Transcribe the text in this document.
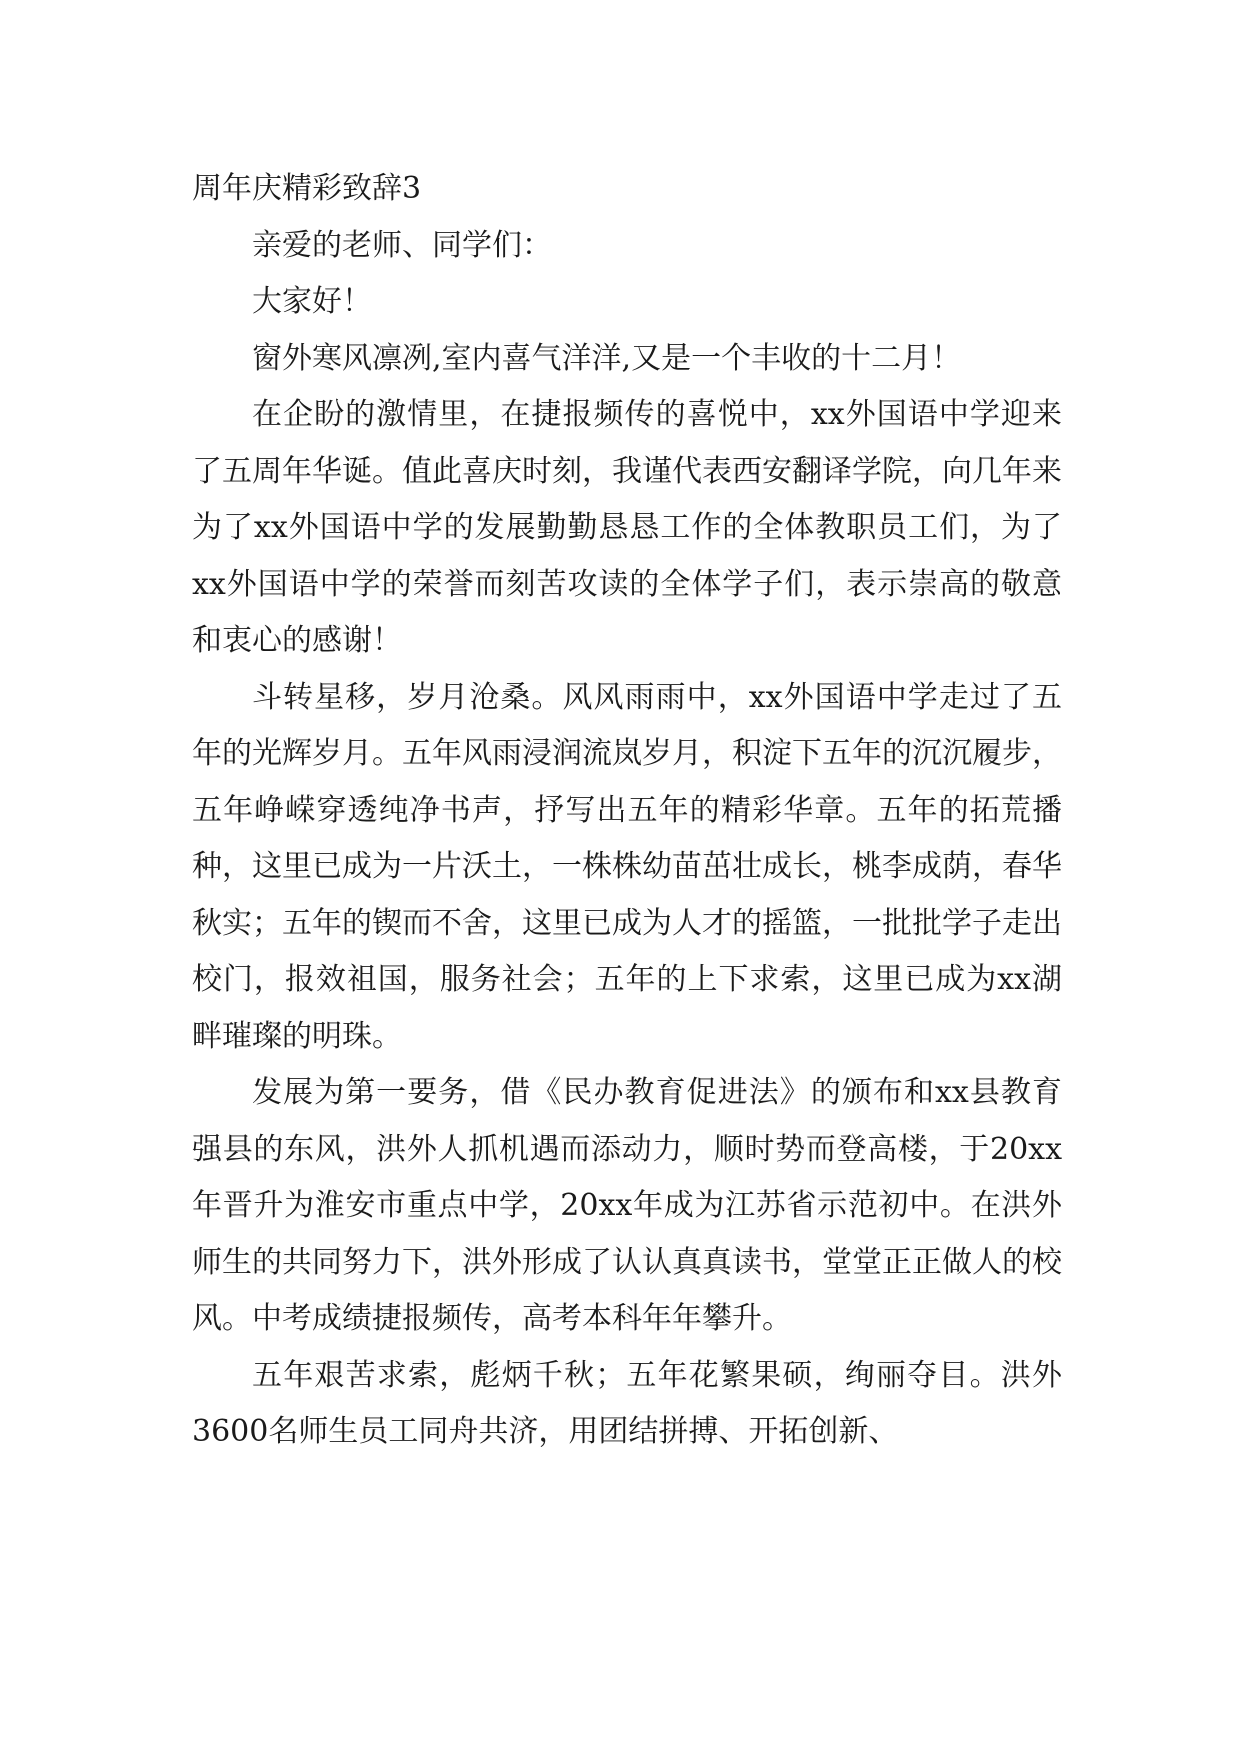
周年庆精彩致辞3

亲爱的老师、同学们：

大家好！

窗外寒风凛冽,室内喜气洋洋,又是一个丰收的十二月！

在企盼的激情里，在捷报频传的喜悦中，xx外国语中学迎来了五周年华诞。值此喜庆时刻，我谨代表西安翻译学院，向几年来为了xx外国语中学的发展勤勤恳恳工作的全体教职员工们，为了xx外国语中学的荣誉而刻苦攻读的全体学子们，表示崇高的敬意和衷心的感谢！

斗转星移，岁月沧桑。风风雨雨中，xx外国语中学走过了五年的光辉岁月。五年风雨浸润流岚岁月，积淀下五年的沉沉履步，五年峥嵘穿透纯净书声，抒写出五年的精彩华章。五年的拓荒播种，这里已成为一片沃土，一株株幼苗茁壮成长，桃李成荫，春华秋实；五年的锲而不舍，这里已成为人才的摇篮，一批批学子走出校门，报效祖国，服务社会；五年的上下求索，这里已成为xx湖畔璀璨的明珠。

发展为第一要务，借《民办教育促进法》的颁布和xx县教育强县的东风，洪外人抓机遇而添动力，顺时势而登高楼，于20xx年晋升为淮安市重点中学，20xx年成为江苏省示范初中。在洪外师生的共同努力下，洪外形成了认认真真读书，堂堂正正做人的校风。中考成绩捷报频传，高考本科年年攀升。

五年艰苦求索，彪炳千秋；五年花繁果硕，绚丽夺目。洪外3600名师生员工同舟共济，用团结拼搏、开拓创新、
